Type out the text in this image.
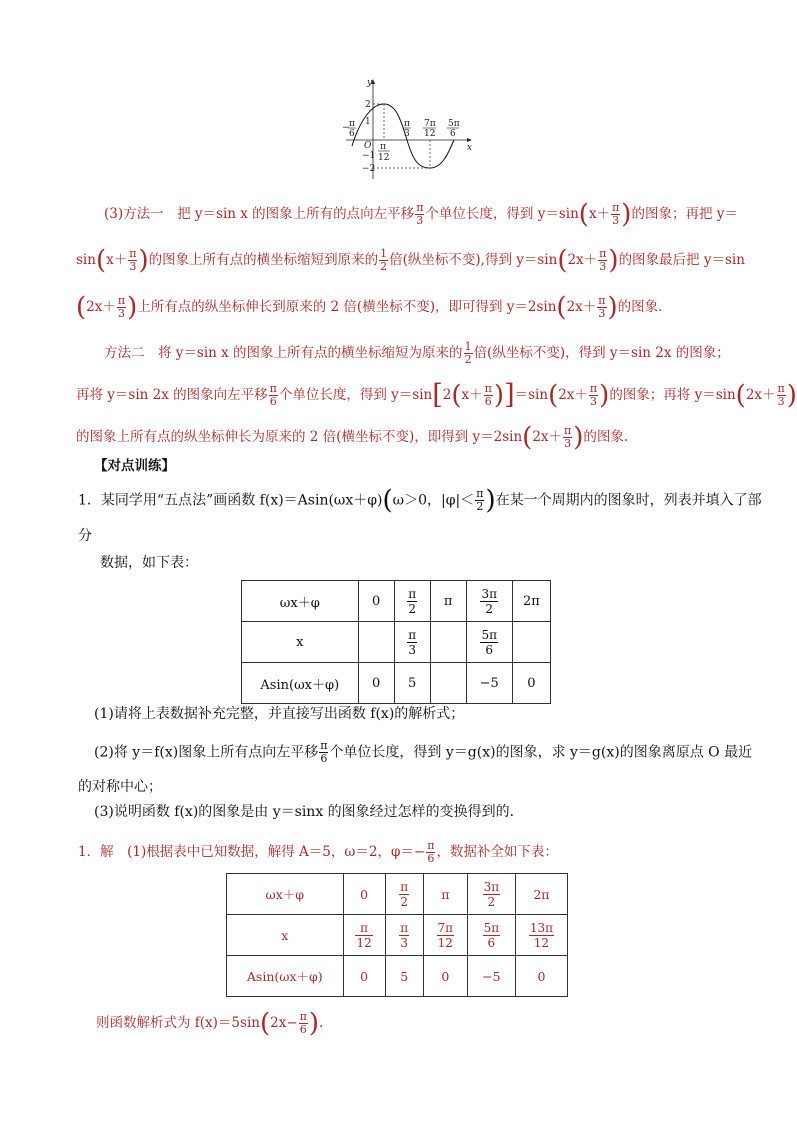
y
x
O
2
1
−1
−2
− π
6
π
12
π
3
7π
12
5π
6
(3)方法一　把 y＝sin x 的图象上所有的点向左平移 $\frac{\pi}{3}$ 个单位长度，得到 $y=\sin(x+ \frac{\pi}{3}$ )的图象；再把 y＝
$\sin(x+ \frac{\pi}{3}$ )的图象上所有点的横坐标缩短到原来的 $\frac{1}{2}$ 倍(纵坐标不变),得到 $y=\sin(2x+ \frac{\pi}{3}$ )的图象最后把 y＝sin
($2x+ \frac{\pi}{3}$ )上所有点的纵坐标伸长到原来的 2 倍(横坐标不变)，即可得到 $y=2\sin(2x+ \frac{\pi}{3}$ )的图象.
方法二　将 y＝sin x 的图象上所有点的横坐标缩短为原来的 $\frac{1}{2}$ 倍(纵坐标不变)，得到 y＝sin 2x 的图象；
再将 y＝sin 2x 的图象向左平移 $\frac{\pi}{6}$ 个单位长度，得到 $y=\sin[2(x+ \frac{\pi}{6} )]=\sin(2x+ \frac{\pi}{3}$ )的图象；再将 $y=\sin(2x+ \frac{\pi}{3}$ )
的图象上所有点的纵坐标伸长为原来的 2 倍(横坐标不变)，即得到 $y=2\sin(2x+ \frac{\pi}{3}$ )的图象.
【对点训练】
1．某同学用“五点法”画函数 f(x)＝Asin(ωx＋φ)(ω＞0，$|\varphi|< \frac{\pi}{2}$ )在某一个周期内的图象时，列表并填入了部
分
数据，如下表：
ωx＋φ	0	$\frac{\pi}{2}$	π	$\frac{3\pi}{2}$	2π
x		$\frac{\pi}{3}$		$\frac{5\pi}{6}$

Asin(ωx＋φ)	0	5		−5	0
(1)请将上表数据补充完整，并直接写出函数 f(x)的解析式；
(2)将 y＝f(x)图象上所有点向左平移 $\frac{\pi}{6}$ 个单位长度，得到 y＝g(x)的图象，求 y＝g(x)的图象离原点 O 最近
的对称中心；
(3)说明函数 f(x)的图象是由 y＝sinx 的图象经过怎样的变换得到的．
1．解　(1)根据表中已知数据，解得 A＝5，ω＝2，$\varphi=- \frac{\pi}{6}$ ，数据补全如下表：
ωx＋φ	0	$\frac{\pi}{2}$	π	$\frac{3\pi}{2}$	2π
x	$\frac{\pi}{12}$	$\frac{\pi}{3}$	$\frac{7\pi}{12}$	$\frac{5\pi}{6}$	$\frac{13\pi}{12}$

Asin(ωx＋φ)	0	5	0	−5	0
则函数解析式为 $f(x)=5\sin(2x- \frac{\pi}{6}$ ).
